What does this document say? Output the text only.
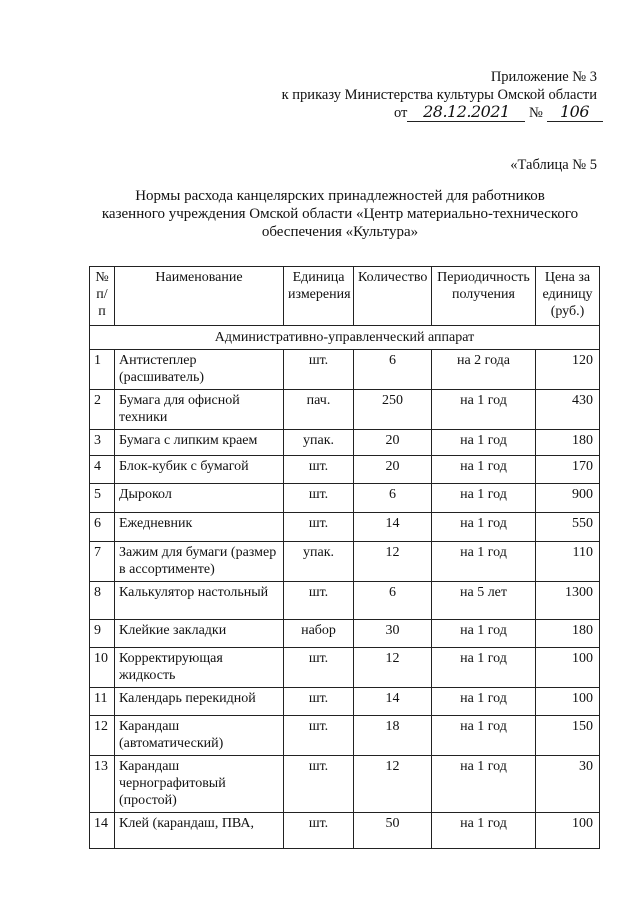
Приложение № 3
к приказу Министерства культуры Омской области
от 28.12.2021 № 106
«Таблица № 5
Нормы расхода канцелярских принадлежностей для работников
казенного учреждения Омской области «Центр материально-технического
обеспечения «Культура»
№ п/п	Наименование	Единица измерения	Количество	Периодичность получения	Цена за единицу (руб.)
Административно-управленческий аппарат					
1	Антистеплер (расшиватель)	шт.	6	на 2 года	120
2	Бумага для офисной техники	пач.	250	на 1 год	430
3	Бумага с липким краем	упак.	20	на 1 год	180
4	Блок-кубик с бумагой	шт.	20	на 1 год	170
5	Дырокол	шт.	6	на 1 год	900
6	Ежедневник	шт.	14	на 1 год	550
7	Зажим для бумаги (размер в ассортименте)	упак.	12	на 1 год	110
8	Калькулятор настольный	шт.	6	на 5 лет	1300
9	Клейкие закладки	набор	30	на 1 год	180
10	Корректирующая жидкость	шт.	12	на 1 год	100
11	Календарь перекидной	шт.	14	на 1 год	100
12	Карандаш (автоматический)	шт.	18	на 1 год	150
13	Карандаш чернографитовый (простой)	шт.	12	на 1 год	30
14	Клей (карандаш, ПВА,	шт.	50	на 1 год	100
